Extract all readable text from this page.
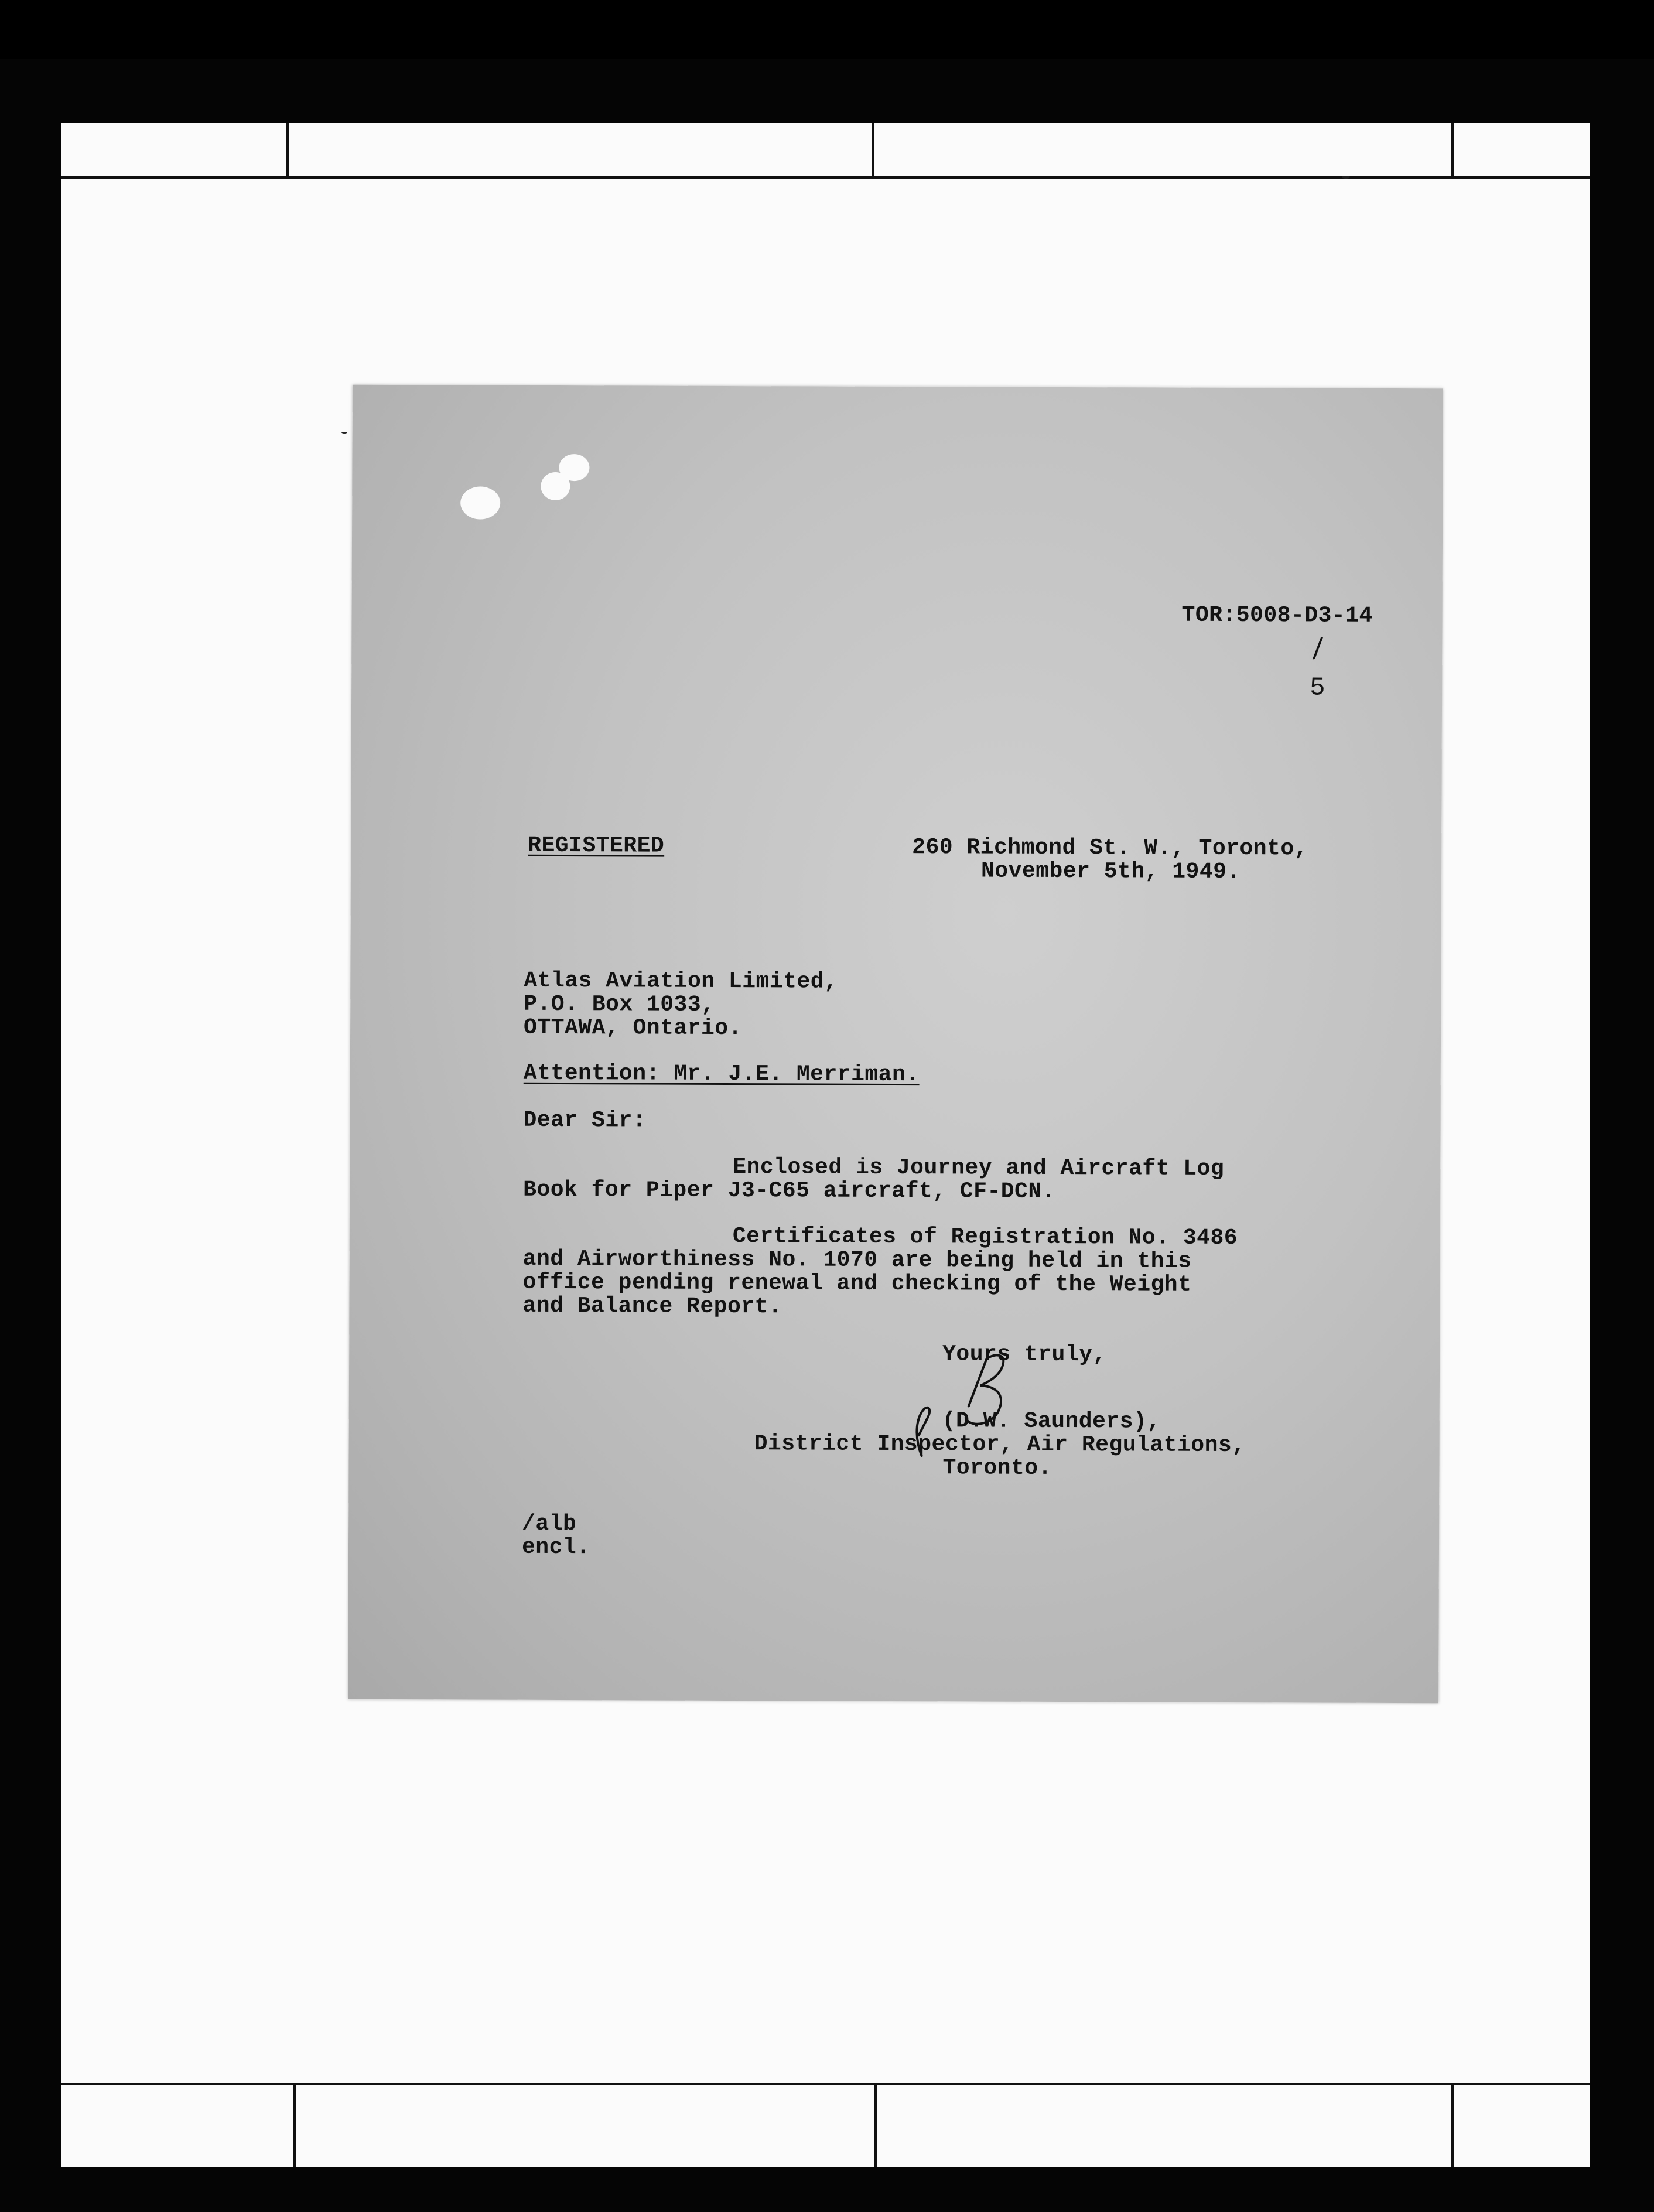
TOR:5008-D3-14
/
5
REGISTERED	260 Richmond St. W., Toronto,
November 5th, 1949.
Atlas Aviation Limited,
P.O. Box 1033,
OTTAWA, Ontario.
Attention: Mr. J.E. Merriman.
Dear Sir:
Enclosed is Journey and Aircraft Log
Book for Piper J3-C65 aircraft, CF-DCN.
Certificates of Registration No. 3486
and Airworthiness No. 1070 are being held in this
office pending renewal and checking of the Weight
and Balance Report.
Yours truly,
(D.W. Saunders),
District Inspector, Air Regulations,
Toronto.
/alb
encl.
